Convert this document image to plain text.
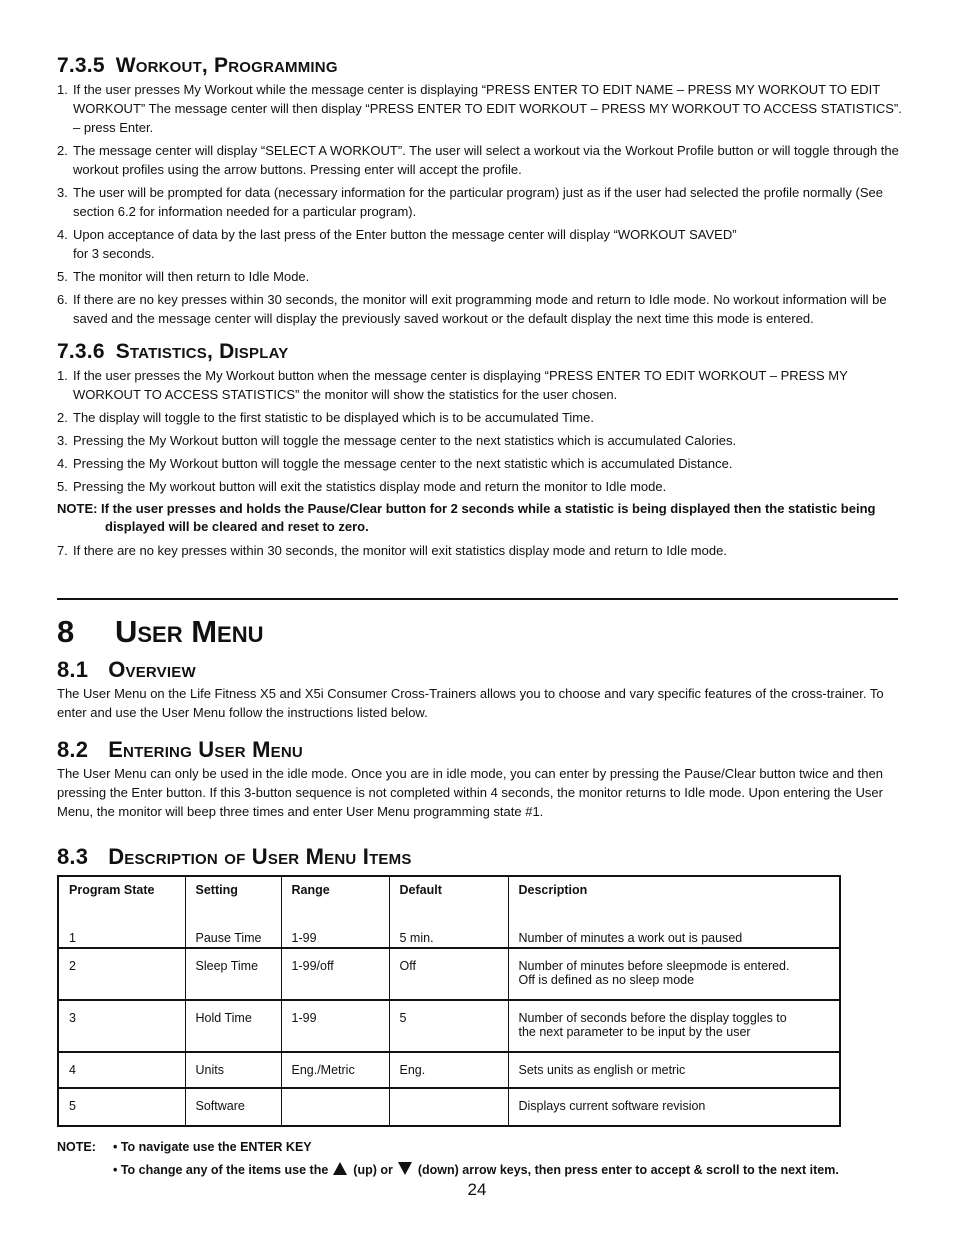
7.3.5 Workout, Programming
1. If the user presses My Workout while the message center is displaying “PRESS ENTER TO EDIT NAME – PRESS MY WORKOUT TO EDIT WORKOUT” The message center will then display “PRESS ENTER TO EDIT WORKOUT – PRESS MY WORKOUT TO ACCESS STATISTICS”. – press Enter.
2. The message center will display “SELECT A WORKOUT”. The user will select a workout via the Workout Profile button or will toggle through the workout profiles using the arrow buttons. Pressing enter will accept the profile.
3. The user will be prompted for data (necessary information for the particular program) just as if the user had selected the profile normally (See section 6.2 for information needed for a particular program).
4. Upon acceptance of data by the last press of the Enter button the message center will display “WORKOUT SAVED”
for 3 seconds.
5. The monitor will then return to Idle Mode.
6. If there are no key presses within 30 seconds, the monitor will exit programming mode and return to Idle mode. No workout information will be saved and the message center will display the previously saved workout or the default display the next time this mode is entered.
7.3.6 Statistics, Display
1. If the user presses the My Workout button when the message center is displaying “PRESS ENTER TO EDIT WORKOUT – PRESS MY WORKOUT TO ACCESS STATISTICS” the monitor will show the statistics for the user chosen.
2. The display will toggle to the first statistic to be displayed which is to be accumulated Time.
3. Pressing the My Workout button will toggle the message center to the next statistics which is accumulated Calories.
4. Pressing the My Workout button will toggle the message center to the next statistic which is accumulated Distance.
5. Pressing the My workout button will exit the statistics display mode and return the monitor to Idle mode.

NOTE: If the user presses and holds the Pause/Clear button for 2 seconds while a statistic is being displayed then the statistic being displayed will be cleared and reset to zero.

7. If there are no key presses within 30 seconds, the monitor will exit statistics display mode and return to Idle mode.
8 User Menu
8.1 Overview

The User Menu on the Life Fitness X5 and X5i Consumer Cross-Trainers allows you to choose and vary specific features of the cross-trainer. To enter and use the User Menu follow the instructions listed below.

8.2 Entering User Menu

The User Menu can only be used in the idle mode. Once you are in idle mode, you can enter by pressing the Pause/Clear button twice and then pressing the Enter button. If this 3-button sequence is not completed within 4 seconds, the monitor returns to Idle mode. Upon entering the User Menu, the monitor will beep three times and enter User Menu programming state #1.

8.3 Description of User Menu Items
Program State	Setting	Range	Default	Description
1	Pause Time	1-99	5 min.	Number of minutes a work out is paused
2	Sleep Time	1-99/off	Off	Number of minutes before sleepmode is entered.
Off is defined as no sleep mode
3	Hold Time	1-99	5	Number of seconds before the display toggles to
the next parameter to be input by the user
4	Units	Eng./Metric	Eng.	Sets units as english or metric
5	Software			Displays current software revision
NOTE: • To navigate use the ENTER KEY
• To change any of the items use the (up) or (down) arrow keys, then press enter to accept & scroll to the next item.
24
